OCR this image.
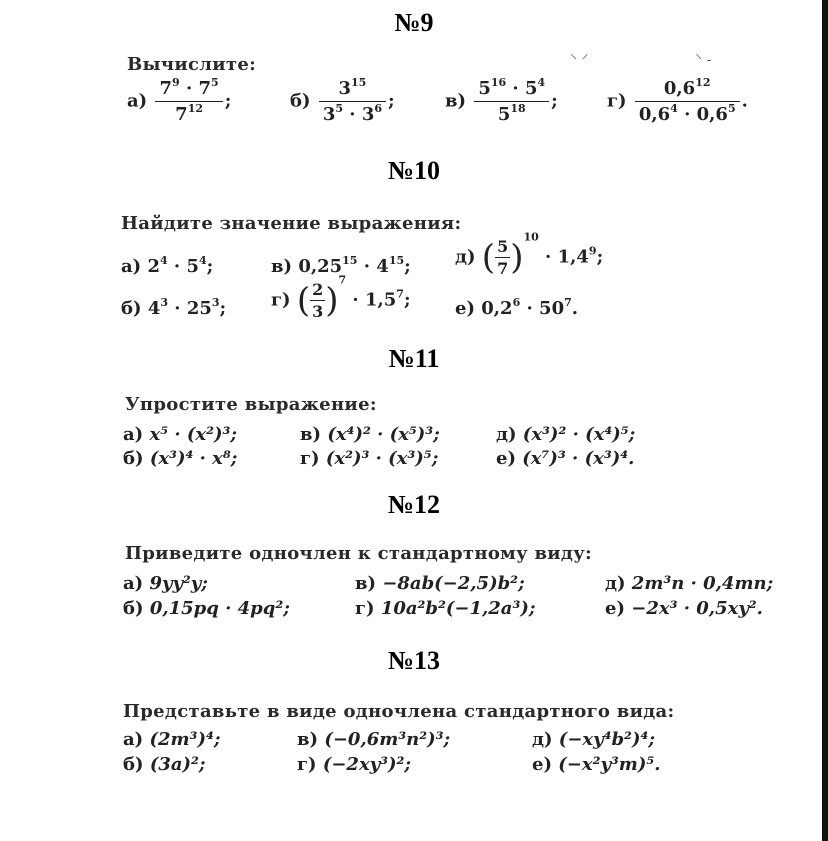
№9
⸌ ⸍                        ⸌ ‐
Вычислите:
$а) \frac{7^9 \cdot 7^5}{7^{12}}$ ;	$б) \frac{3^{15}}{3^5 \cdot 3^6}$ ;	$в) \frac{5^{16} \cdot 5^4}{5^{18}}$ ;	$г) \frac{0,6^{12}}{0,6^4 \cdot 0,6^5}$ .
№10
Найдите значение выражения:
а) $2^4 \cdot 5^4$;
б) $4^3 \cdot 25^3$;
в) $0,25^{15} \cdot 4^{15}$;
г) ( $\frac{2}{3} )^7 \cdot 1,5^7$;
д) ( $\frac{5}{7} )^{10} \cdot 1,4^9$;
е) $0,2^6 \cdot 50^7$.
№11
Упростите выражение:
а) x⁵ · (x²)³;
б) (x³)⁴ · x⁸;
в) (x⁴)² · (x⁵)³;
г) (x²)³ · (x³)⁵;
д) (x³)² · (x⁴)⁵;
е) (x⁷)³ · (x³)⁴.
№12
Приведите одночлен к стандартному виду:
а) 9yy²y;
б) 0,15pq · 4pq²;
в) −8ab(−2,5)b²;
г) 10a²b²(−1,2a³);
д) 2m³n · 0,4mn;
е) −2x³ · 0,5xy².
№13
Представьте в виде одночлена стандартного вида:
а) (2m³)⁴;
б) (3a)²;
в) (−0,6m³n²)³;
г) (−2xy³)²;
д) (−xy⁴b²)⁴;
е) (−x²y³m)⁵.
